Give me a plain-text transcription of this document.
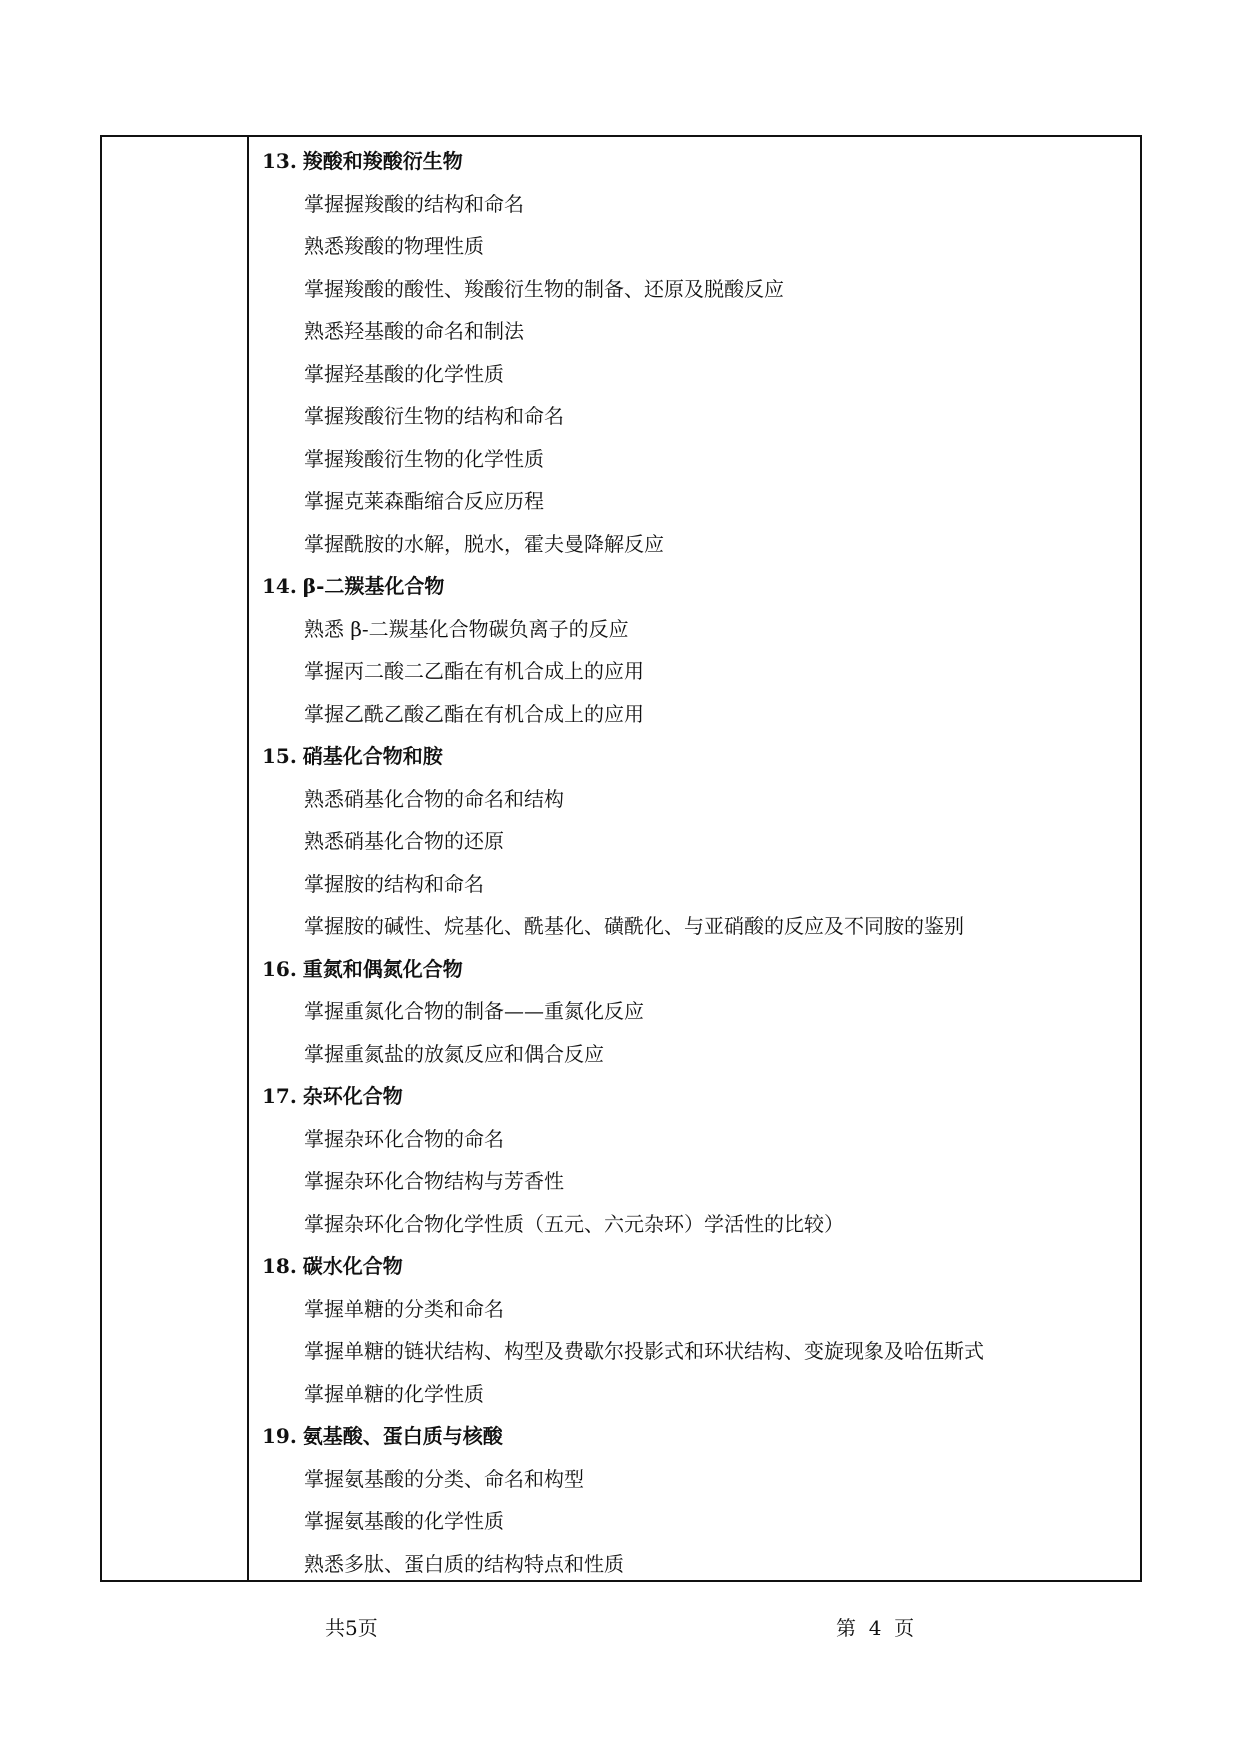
13. 羧酸和羧酸衍生物
掌握握羧酸的结构和命名
熟悉羧酸的物理性质
掌握羧酸的酸性、羧酸衍生物的制备、还原及脱酸反应
熟悉羟基酸的命名和制法
掌握羟基酸的化学性质
掌握羧酸衍生物的结构和命名
掌握羧酸衍生物的化学性质
掌握克莱森酯缩合反应历程
掌握酰胺的水解，脱水，霍夫曼降解反应
14. β-二羰基化合物
熟悉 β-二羰基化合物碳负离子的反应
掌握丙二酸二乙酯在有机合成上的应用
掌握乙酰乙酸乙酯在有机合成上的应用
15. 硝基化合物和胺
熟悉硝基化合物的命名和结构
熟悉硝基化合物的还原
掌握胺的结构和命名
掌握胺的碱性、烷基化、酰基化、磺酰化、与亚硝酸的反应及不同胺的鉴别
16. 重氮和偶氮化合物
掌握重氮化合物的制备——重氮化反应
掌握重氮盐的放氮反应和偶合反应
17. 杂环化合物
掌握杂环化合物的命名
掌握杂环化合物结构与芳香性
掌握杂环化合物化学性质（五元、六元杂环）学活性的比较）
18. 碳水化合物
掌握单糖的分类和命名
掌握单糖的链状结构、构型及费歇尔投影式和环状结构、变旋现象及哈伍斯式
掌握单糖的化学性质
19. 氨基酸、蛋白质与核酸
掌握氨基酸的分类、命名和构型
掌握氨基酸的化学性质
熟悉多肽、蛋白质的结构特点和性质
共5页	第  4  页
